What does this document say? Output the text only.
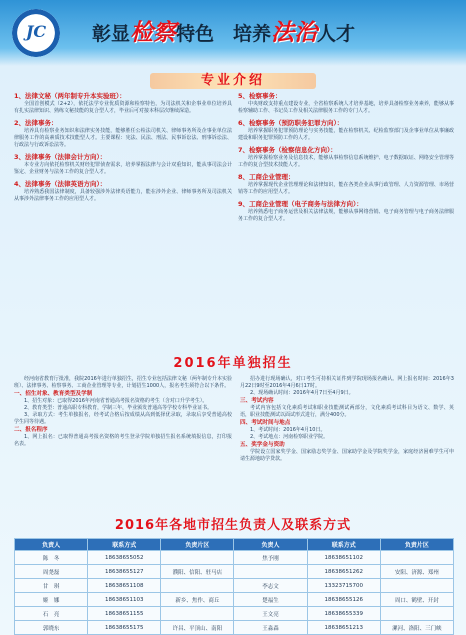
JC	彰显检察特色　培养法治人才
专业介绍
1、法律文秘（两年制专升本实验班）：
全国首创模式（2+2），依托法学专业优质资源和检察特色，为司法机关和企事业单位培养具有扎实法律知识、熟练文秘技能的复合型人才，毕业后可对接本科层次继续深造。
2、法律事务：
培养具有检察业务知识和法律实务技能，能够胜任公检法司机关、律师事务所及企事业单位法律服务工作的高素质技术技能型人才。主要课程：宪法、民法、刑法、民事诉讼法、刑事诉讼法、行政法与行政诉讼法等。
3、法律事务（法律会计方向）：
本专业方向依托检察机关财经犯罪侦查需求，培养掌握法律与会计双重知识，能从事司法会计鉴定、企业财务与法务工作的复合型人才。
4、法律事务（法律英语方向）：
培养熟悉我国法律制度，具备较强涉外法律英语能力，能在涉外企业、律师事务所及司法机关从事涉外法律事务工作的应用型人才。
5、检察事务：
中央财政支持重点建设专业，全省检察系统人才培养基地，培养具备检察业务素养，能够从事检察辅助工作、书记员工作及相关法律服务工作的专门人才。
6、检察事务（预防职务犯罪方向）：
培养掌握职务犯罪预防理论与实务技能，能在检察机关、纪检监察部门及企事业单位从事廉政建设和职务犯罪预防工作的人才。
7、检察事务（检察信息化方向）：
培养掌握检察业务及信息技术，能够从事检察信息系统维护、电子数据取证、网络安全管理等工作的复合型技术技能人才。
8、工商企业管理：
培养掌握现代企业管理理论和法律知识，能在各类企业从事行政管理、人力资源管理、市场营销等工作的应用型人才。
9、工商企业管理（电子商务与法律方向）：
培养熟悉电子商务运营及相关法律法规，能够从事网络营销、电子商务管理与电子商务法律服务工作的复合型人才。
2016年单独招生
经河南省教育厅批准，我院2016年进行单独招生，招生专业包括法律文秘（两年制专升本实验班）、法律事务、检察事务、工商企业管理等专业，计划招生1000人，报名考生须符合以下条件。
一、招生对象、教育类型及学制
1、招生对象：已取得2016年河南省普通高考报名资格的考生（含对口升学考生）。
2、教育类型：普通高职专科教育，学制三年，毕业颁发普通高等学校专科毕业证书。
3、录取方式：考生单独报名，经考试合格后按成绩从高到低择优录取，录取后享受普通高校学生同等待遇。
二、报名程序
1、网上报名：已取得普通高考报名资格的考生登录学院单独招生报名系统填报信息，打印报名表。
招办进行现场确认，对口考生可持相关证件到学院现场报名确认。网上报名时间：2016年3月22日9时至2016年4月6日17时。
2、现场确认时间：2016年4月7日至4月9日。
三、考试内容
考试内容包括文化素质考试和职业技能测试两部分，文化素质考试科目为语文、数学、英语，职业技能测试以面试形式进行，满分400分。
四、考试时间与地点
1、考试时间：2016年4月10日。
2、考试地点：河南检察职业学院。
五、奖学金与资助
学院设立国家奖学金、国家励志奖学金、国家助学金及学院奖学金，家庭经济困难学生可申请生源地助学贷款。
2016年各地市招生负责人及联系方式
负责人	联系方式	负责片区	负责人	联系方式	负责片区
陈　冬	18638655052		焦予刚	18638651102	
周尧磊	18638655127	濮阳、信阳、驻马店		18638651262	安阳、济源、郑州
甘　琪	18638651108		李志文	13323715700	
姬　娜	18638651103	新乡、焦作、商丘	楚福生	18638655126	周口、鹤壁、开封
石　亮	18638651155		王文亮	18638655339	
郭晓东	18638655175	许昌、平顶山、南阳	王淼森	18638651213	漯河、洛阳、三门峡
